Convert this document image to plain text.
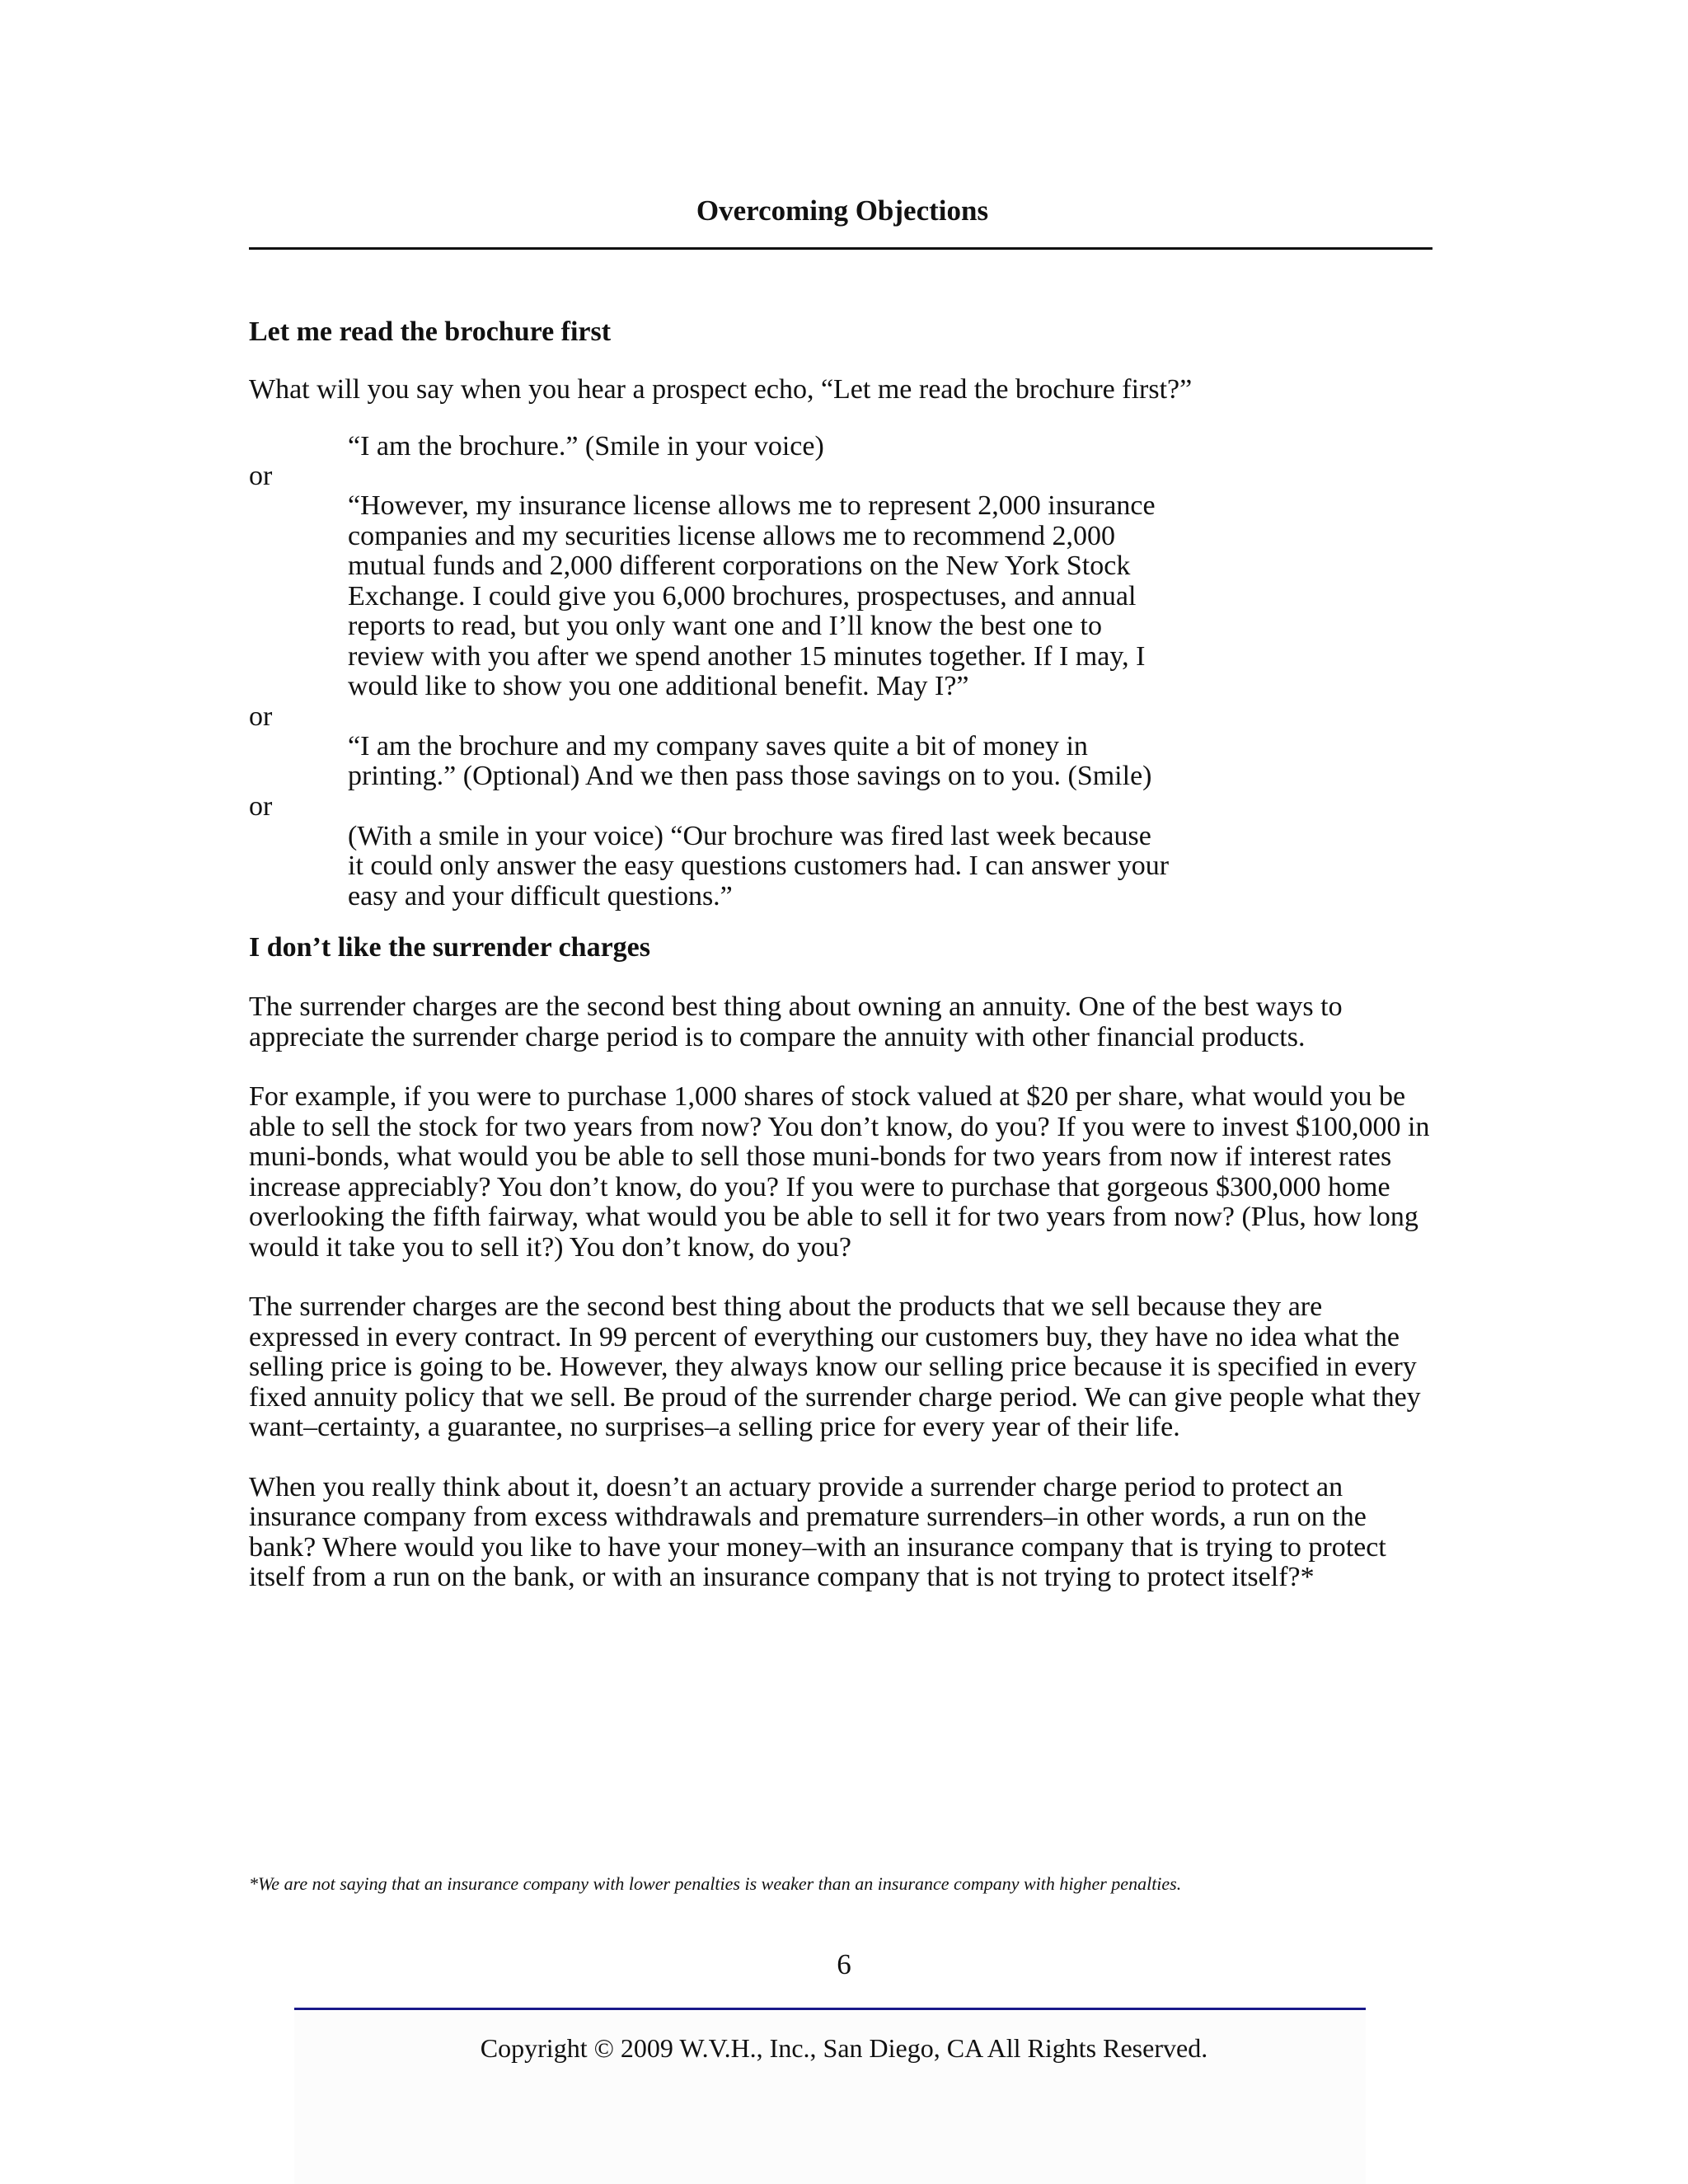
Overcoming Objections
Let me read the brochure first

What will you say when you hear a prospect echo, “Let me read the brochure first?”

“I am the brochure.” (Smile in your voice)
or
“However, my insurance license allows me to represent 2,000 insurance companies and my securities license allows me to recommend 2,000 mutual funds and 2,000 different corporations on the New York Stock Exchange. I could give you 6,000 brochures, prospectuses, and annual reports to read, but you only want one and I’ll know the best one to review with you after we spend another 15 minutes together. If I may, I would like to show you one additional benefit. May I?”
or
“I am the brochure and my company saves quite a bit of money in printing.” (Optional) And we then pass those savings on to you. (Smile)
or
(With a smile in your voice) “Our brochure was fired last week because it could only answer the easy questions customers had. I can answer your easy and your difficult questions.”
I don’t like the surrender charges

The surrender charges are the second best thing about owning an annuity. One of the best ways to appreciate the surrender charge period is to compare the annuity with other financial products.

For example, if you were to purchase 1,000 shares of stock valued at $20 per share, what would you be able to sell the stock for two years from now? You don’t know, do you? If you were to invest $100,000 in muni-bonds, what would you be able to sell those muni-bonds for two years from now if interest rates increase appreciably? You don’t know, do you? If you were to purchase that gorgeous $300,000 home overlooking the fifth fairway, what would you be able to sell it for two years from now? (Plus, how long would it take you to sell it?) You don’t know, do you?

The surrender charges are the second best thing about the products that we sell because they are expressed in every contract. In 99 percent of everything our customers buy, they have no idea what the selling price is going to be. However, they always know our selling price because it is specified in every fixed annuity policy that we sell. Be proud of the surrender charge period. We can give people what they want–certainty, a guarantee, no surprises–a selling price for every year of their life.

When you really think about it, doesn’t an actuary provide a surrender charge period to protect an insurance company from excess withdrawals and premature surrenders–in other words, a run on the bank? Where would you like to have your money–with an insurance company that is trying to protect itself from a run on the bank, or with an insurance company that is not trying to protect itself?*

*We are not saying that an insurance company with lower penalties is weaker than an insurance company with higher penalties.
6
Copyright © 2009 W.V.H., Inc., San Diego, CA All Rights Reserved.
